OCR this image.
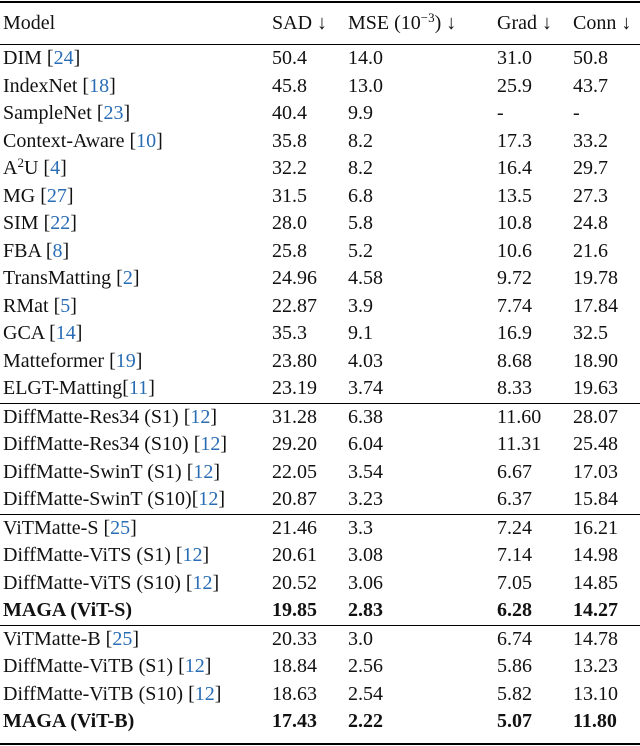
Model	SAD ↓ MSE $(10^{-3})$ ↓ Grad ↓ Conn ↓
DIM [24]	50.4 14.0	31.0 50.8
IndexNet [18]	45.8 13.0	25.9 43.7
SampleNet [23]	40.4 9.9	-	-
Context-Aware [10]	35.8 8.2	17.3 33.2
$A^2U$ [4]	32.2 8.2	16.4 29.7
MG [27]	31.5 6.8	13.5 27.3
SIM [22]	28.0 5.8	10.8 24.8
FBA [8]	25.8 5.2	10.6 21.6
TransMatting [2]	24.96 4.58	9.72 19.78
RMat [5]	22.87 3.9	7.74 17.84
GCA [14]	35.3 9.1	16.9 32.5
Matteformer [19]	23.80 4.03	8.68 18.90
ELGT-Matting[11]	23.19 3.74	8.33 19.63
DiffMatte-Res34 (S1) [12]	31.28 6.38	11.60 28.07
DiffMatte-Res34 (S10) [12] 29.20 6.04	11.31 25.48
DiffMatte-SwinT (S1) [12]	22.05 3.54	6.67 17.03
DiffMatte-SwinT (S10)[12] 20.87 3.23	6.37 15.84
ViTMatte-S [25]	21.46 3.3	7.24 16.21
DiffMatte-ViTS (S1) [12]	20.61 3.08	7.14 14.98
DiffMatte-ViTS (S10) [12]	20.52 3.06	7.05 14.85
MAGA (ViT-S)	19.85 2.83	6.28 14.27
ViTMatte-B [25]	20.33 3.0	6.74 14.78
DiffMatte-ViTB (S1) [12]	18.84 2.56	5.86 13.23
DiffMatte-ViTB (S10) [12]	18.63 2.54	5.82 13.10
MAGA (ViT-B)	17.43 2.22	5.07 11.80
